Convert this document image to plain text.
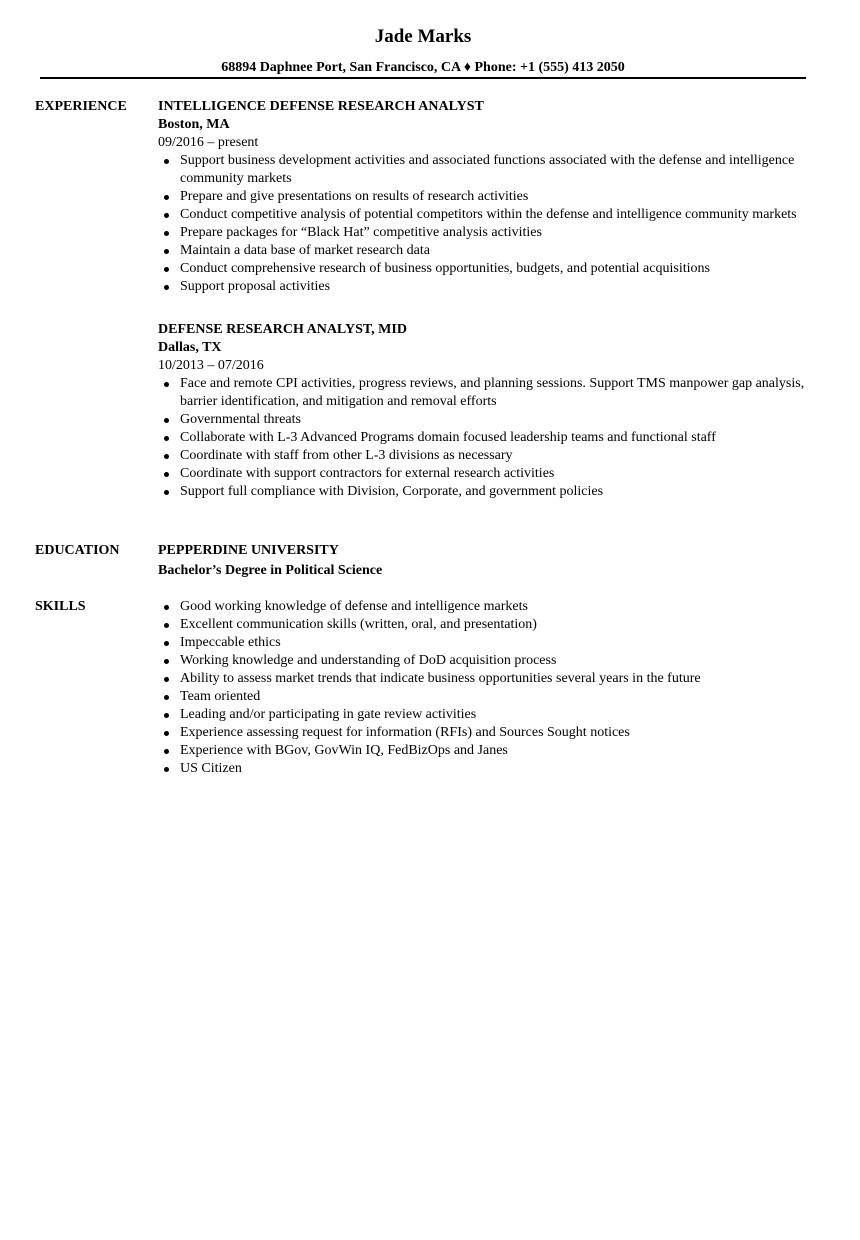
Jade Marks
68894 Daphnee Port, San Francisco, CA ♦ Phone: +1 (555) 413 2050
EXPERIENCE INTELLIGENCE DEFENSE RESEARCH ANALYST
Boston, MA
09/2016 – present
Support business development activities and associated functions associated with the defense and intelligence community markets
Prepare and give presentations on results of research activities
Conduct competitive analysis of potential competitors within the defense and intelligence community markets
Prepare packages for “Black Hat” competitive analysis activities
Maintain a data base of market research data
Conduct comprehensive research of business opportunities, budgets, and potential acquisitions
Support proposal activities
DEFENSE RESEARCH ANALYST, MID
Dallas, TX
10/2013 – 07/2016
Face and remote CPI activities, progress reviews, and planning sessions. Support TMS manpower gap analysis, barrier identification, and mitigation and removal efforts
Governmental threats
Collaborate with L-3 Advanced Programs domain focused leadership teams and functional staff
Coordinate with staff from other L-3 divisions as necessary
Coordinate with support contractors for external research activities
Support full compliance with Division, Corporate, and government policies
EDUCATION	PEPPERDINE UNIVERSITY
Bachelor’s Degree in Political Science
SKILLS	Good working knowledge of defense and intelligence markets
Excellent communication skills (written, oral, and presentation)
Impeccable ethics
Working knowledge and understanding of DoD acquisition process
Ability to assess market trends that indicate business opportunities several years in the future
Team oriented
Leading and/or participating in gate review activities
Experience assessing request for information (RFIs) and Sources Sought notices
Experience with BGov, GovWin IQ, FedBizOps and Janes
US Citizen
